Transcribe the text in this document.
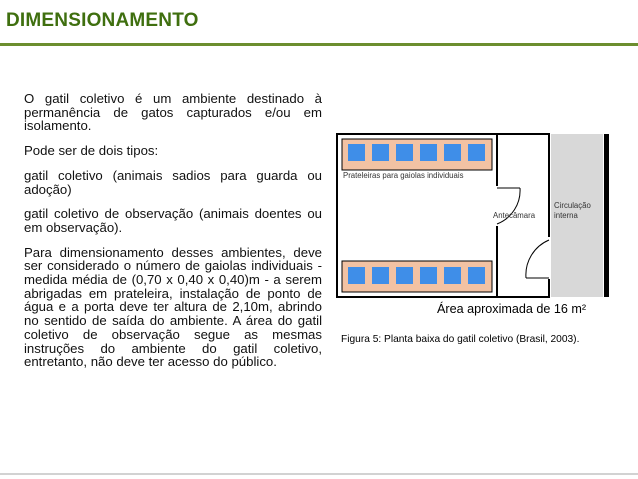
DIMENSIONAMENTO

O gatil coletivo é um ambiente destinado à permanência de gatos capturados e/ou em isolamento.

Pode ser de dois tipos:

gatil coletivo (animais sadios para guarda ou adoção)

gatil coletivo de observação (animais doentes ou em observação).

Para dimensionamento desses ambientes, deve ser considerado o número de gaiolas individuais - medida média de (0,70 x 0,40 x 0,40)m - a serem abrigadas em prateleira, instalação de ponto de água e a porta deve ter altura de 2,10m, abrindo no sentido de saída do ambiente. A área do gatil coletivo de observação segue as mesmas instruções do ambiente do gatil coletivo, entretanto, não deve ter acesso do público.

Prateleiras para gaiolas individuais
Antecâmara
Circulação
interna
Área aproximada de 16 m²
Figura 5: Planta baixa do gatil coletivo (Brasil, 2003).
